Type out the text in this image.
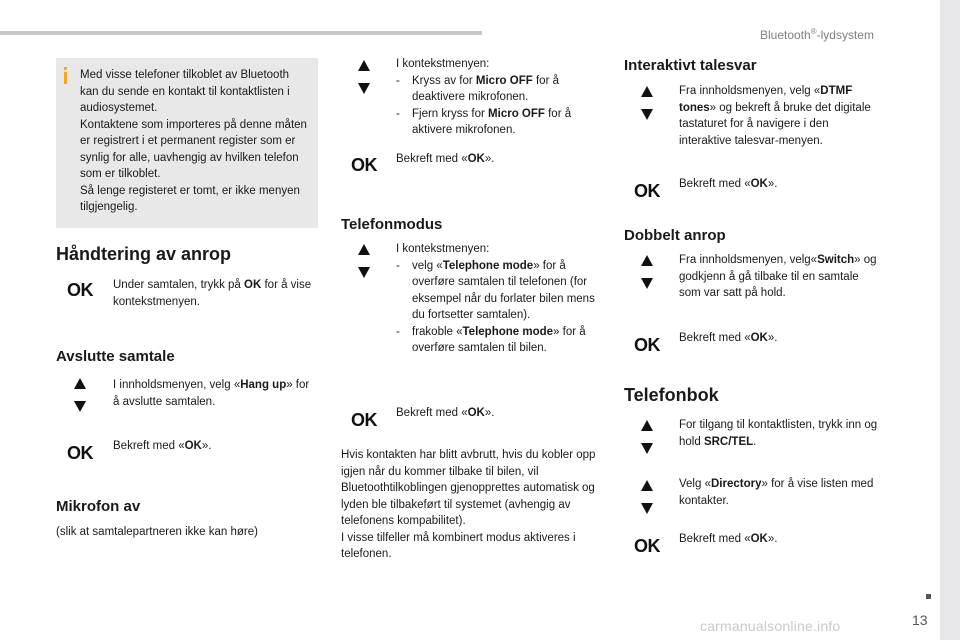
Bluetooth®-lydsystem
13
carmanualsonline.info
Med visse telefoner tilkoblet av Bluetooth kan du sende en kontakt til kontaktlisten i audiosystemet.
Kontaktene som importeres på denne måten er registrert i et permanent register som er synlig for alle, uavhengig av hvilken telefon som er tilkoblet.
Så lenge registeret er tomt, er ikke menyen tilgjengelig.
Håndtering av anrop
OK	Under samtalen, trykk på OK for å vise kontekstmenyen.
Avslutte samtale
I innholdsmenyen, velg «Hang up» for å avslutte samtalen.
OK	Bekreft med «OK».
Mikrofon av
(slik at samtalepartneren ikke kan høre)
I kontekstmenyen:
- Kryss av for Micro OFF for å deaktivere mikrofonen.
- Fjern kryss for Micro OFF for å aktivere mikrofonen.
OK	Bekreft med «OK».
Telefonmodus
I kontekstmenyen:
- velg «Telephone mode» for å overføre samtalen til telefonen (for eksempel når du forlater bilen mens du fortsetter samtalen).
- frakoble «Telephone mode» for å overføre samtalen til bilen.
OK	Bekreft med «OK».
Hvis kontakten har blitt avbrutt, hvis du kobler opp igjen når du kommer tilbake til bilen, vil Bluetoothtilkoblingen gjenopprettes automatisk og lyden ble tilbakeført til systemet (avhengig av telefonens kompabilitet).
I visse tilfeller må kombinert modus aktiveres i telefonen.
Interaktivt talesvar
Fra innholdsmenyen, velg «DTMF tones» og bekreft å bruke det digitale tastaturet for å navigere i den interaktive talesvar-menyen.
OK	Bekreft med «OK».
Dobbelt anrop
Fra innholdsmenyen, velg«Switch» og godkjenn å gå tilbake til en samtale som var satt på hold.
OK	Bekreft med «OK».
Telefonbok
For tilgang til kontaktlisten, trykk inn og hold SRC/TEL.
Velg «Directory» for å vise listen med kontakter.
OK	Bekreft med «OK».
